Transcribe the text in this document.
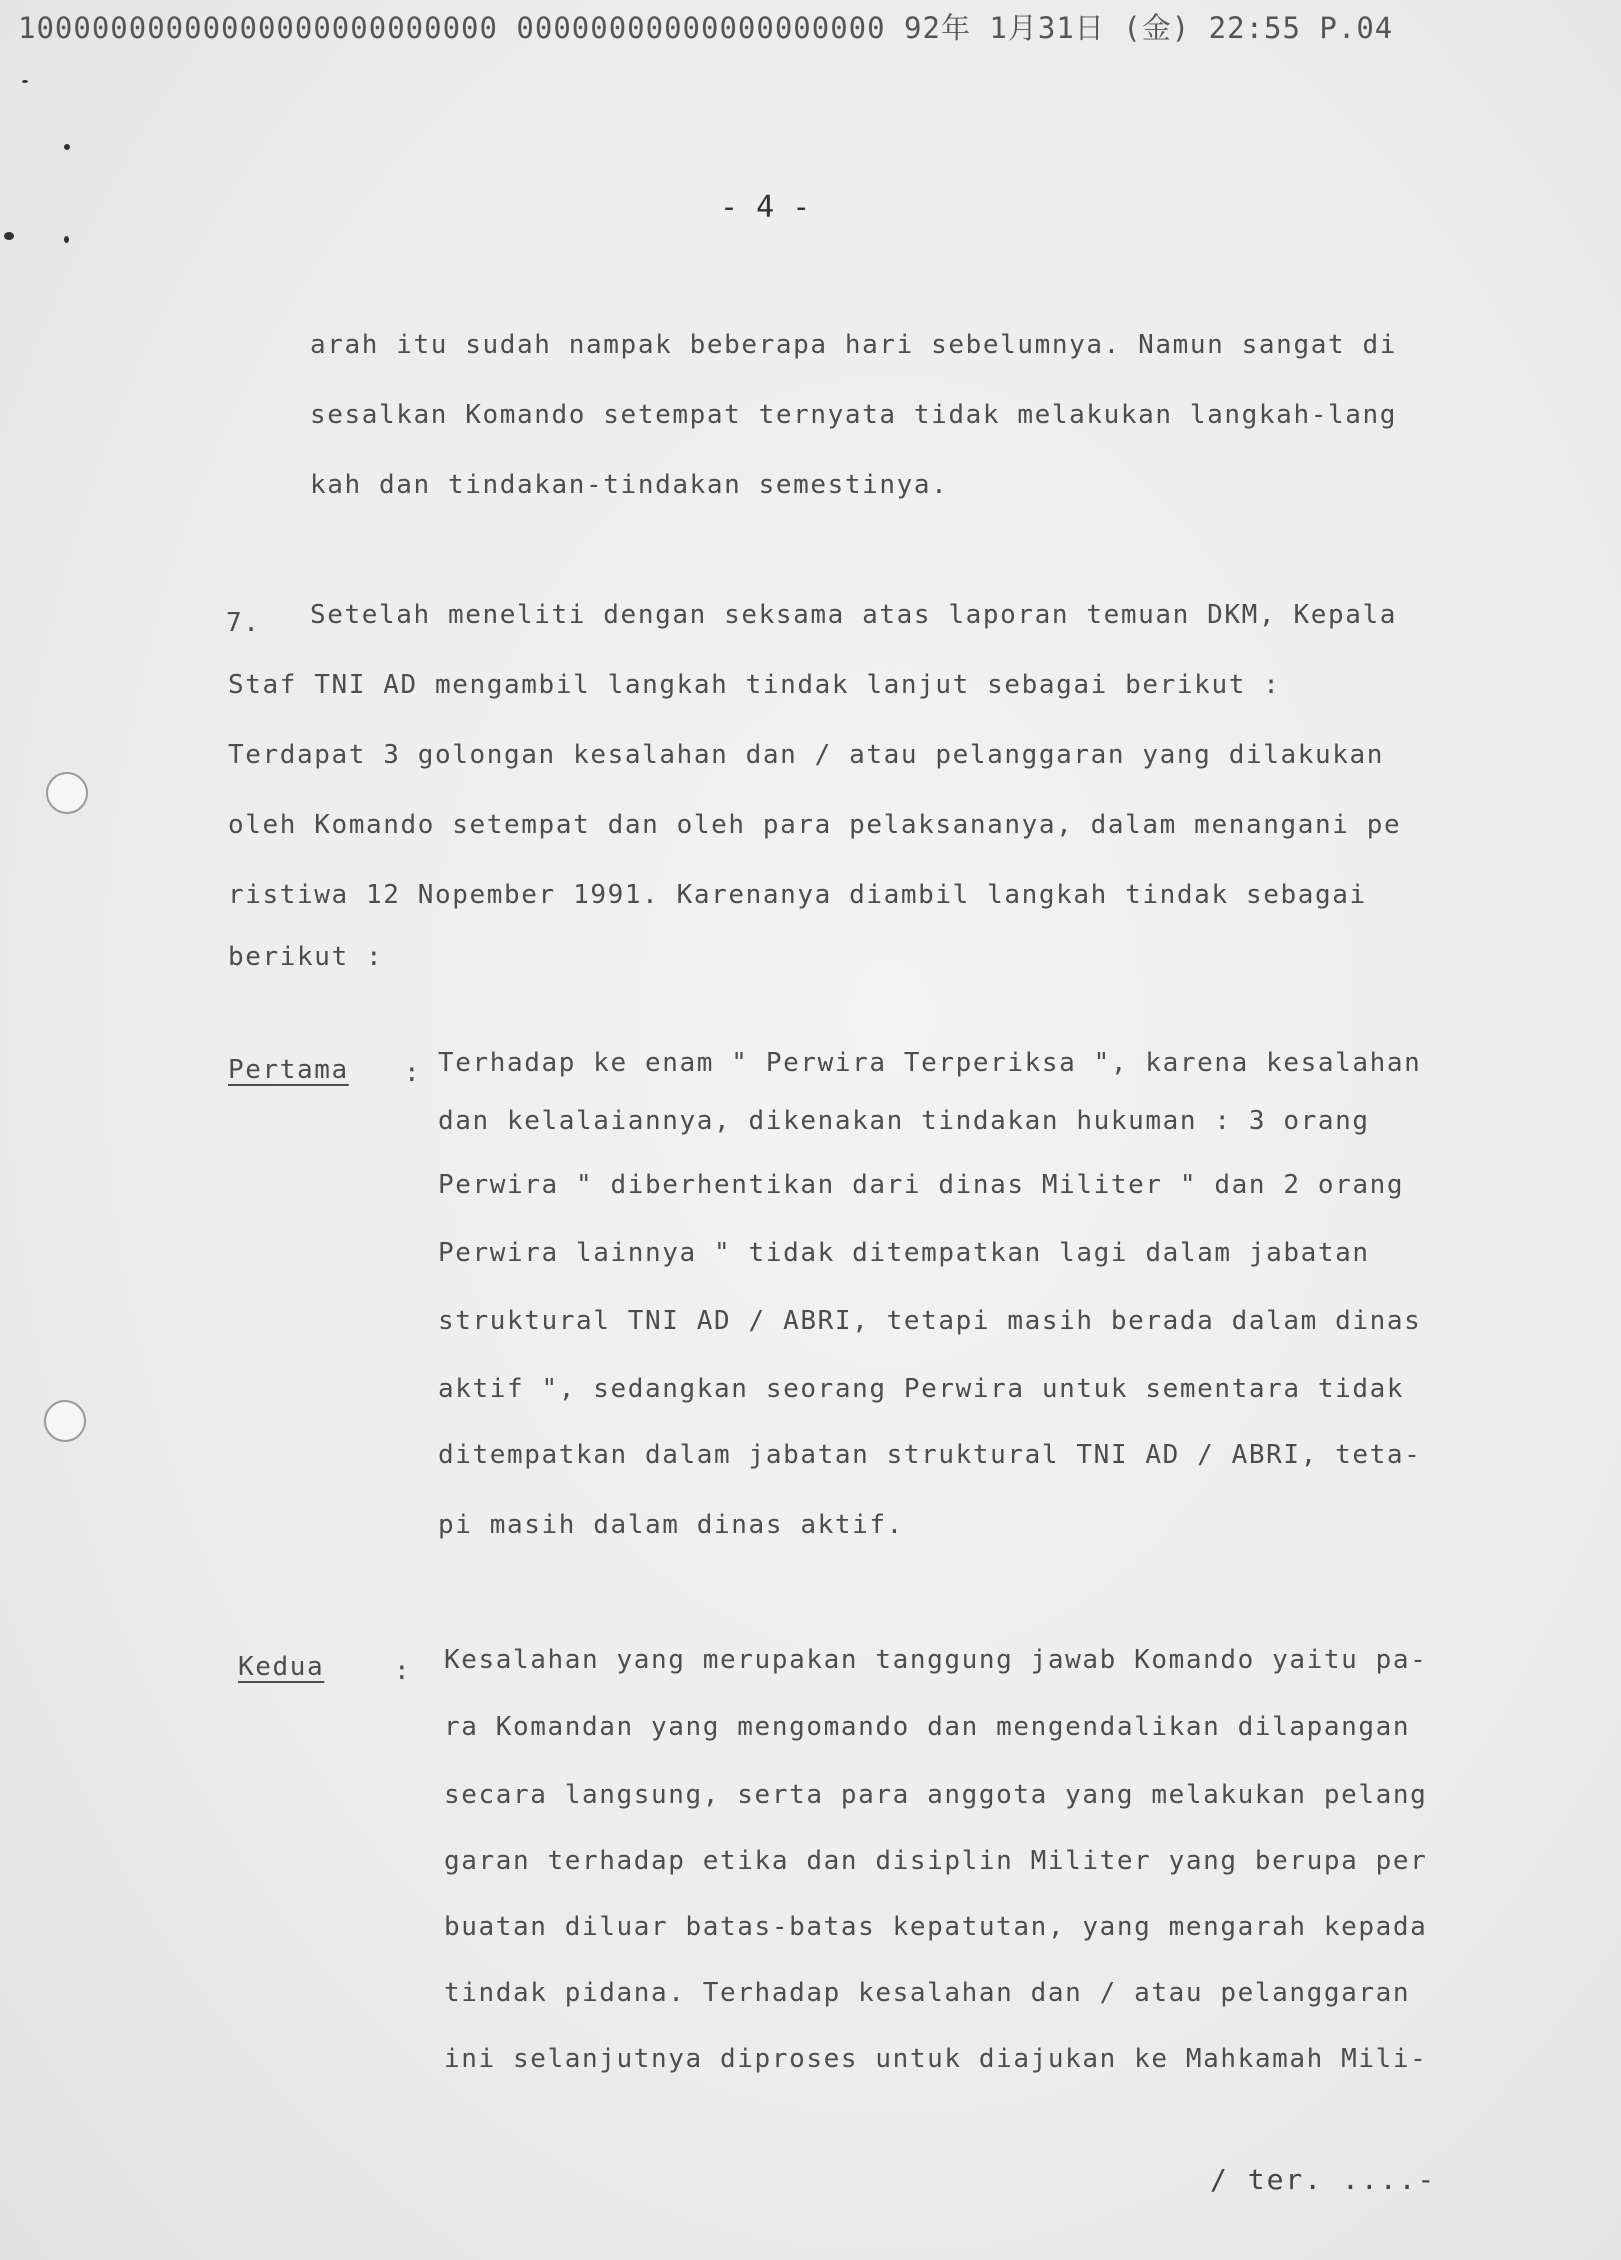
10000000000000000000000000 00000000000000000000 92年 1月31日 (金) 22:55 P.04
- 4 -
arah itu sudah nampak beberapa hari sebelumnya. Namun sangat di
sesalkan Komando setempat ternyata tidak melakukan langkah-lang
kah dan tindakan-tindakan semestinya.
7. Setelah meneliti dengan seksama atas laporan temuan DKM, Kepala
Staf TNI AD mengambil langkah tindak lanjut sebagai berikut :
Terdapat 3 golongan kesalahan dan / atau pelanggaran yang dilakukan
oleh Komando setempat dan oleh para pelaksananya, dalam menangani pe
ristiwa 12 Nopember 1991. Karenanya diambil langkah tindak sebagai
berikut :
Pertama : Terhadap ke enam " Perwira Terperiksa ", karena kesalahan
dan kelalaiannya, dikenakan tindakan hukuman : 3 orang
Perwira " diberhentikan dari dinas Militer " dan 2 orang
Perwira lainnya " tidak ditempatkan lagi dalam jabatan
struktural TNI AD / ABRI, tetapi masih berada dalam dinas
aktif ", sedangkan seorang Perwira untuk sementara tidak
ditempatkan dalam jabatan struktural TNI AD / ABRI, teta-
pi masih dalam dinas aktif.
Kedua	: Kesalahan yang merupakan tanggung jawab Komando yaitu pa-
ra Komandan yang mengomando dan mengendalikan dilapangan
secara langsung, serta para anggota yang melakukan pelang
garan terhadap etika dan disiplin Militer yang berupa per
buatan diluar batas-batas kepatutan, yang mengarah kepada
tindak pidana. Terhadap kesalahan dan / atau pelanggaran
ini selanjutnya diproses untuk diajukan ke Mahkamah Mili-
/ ter. ....-
